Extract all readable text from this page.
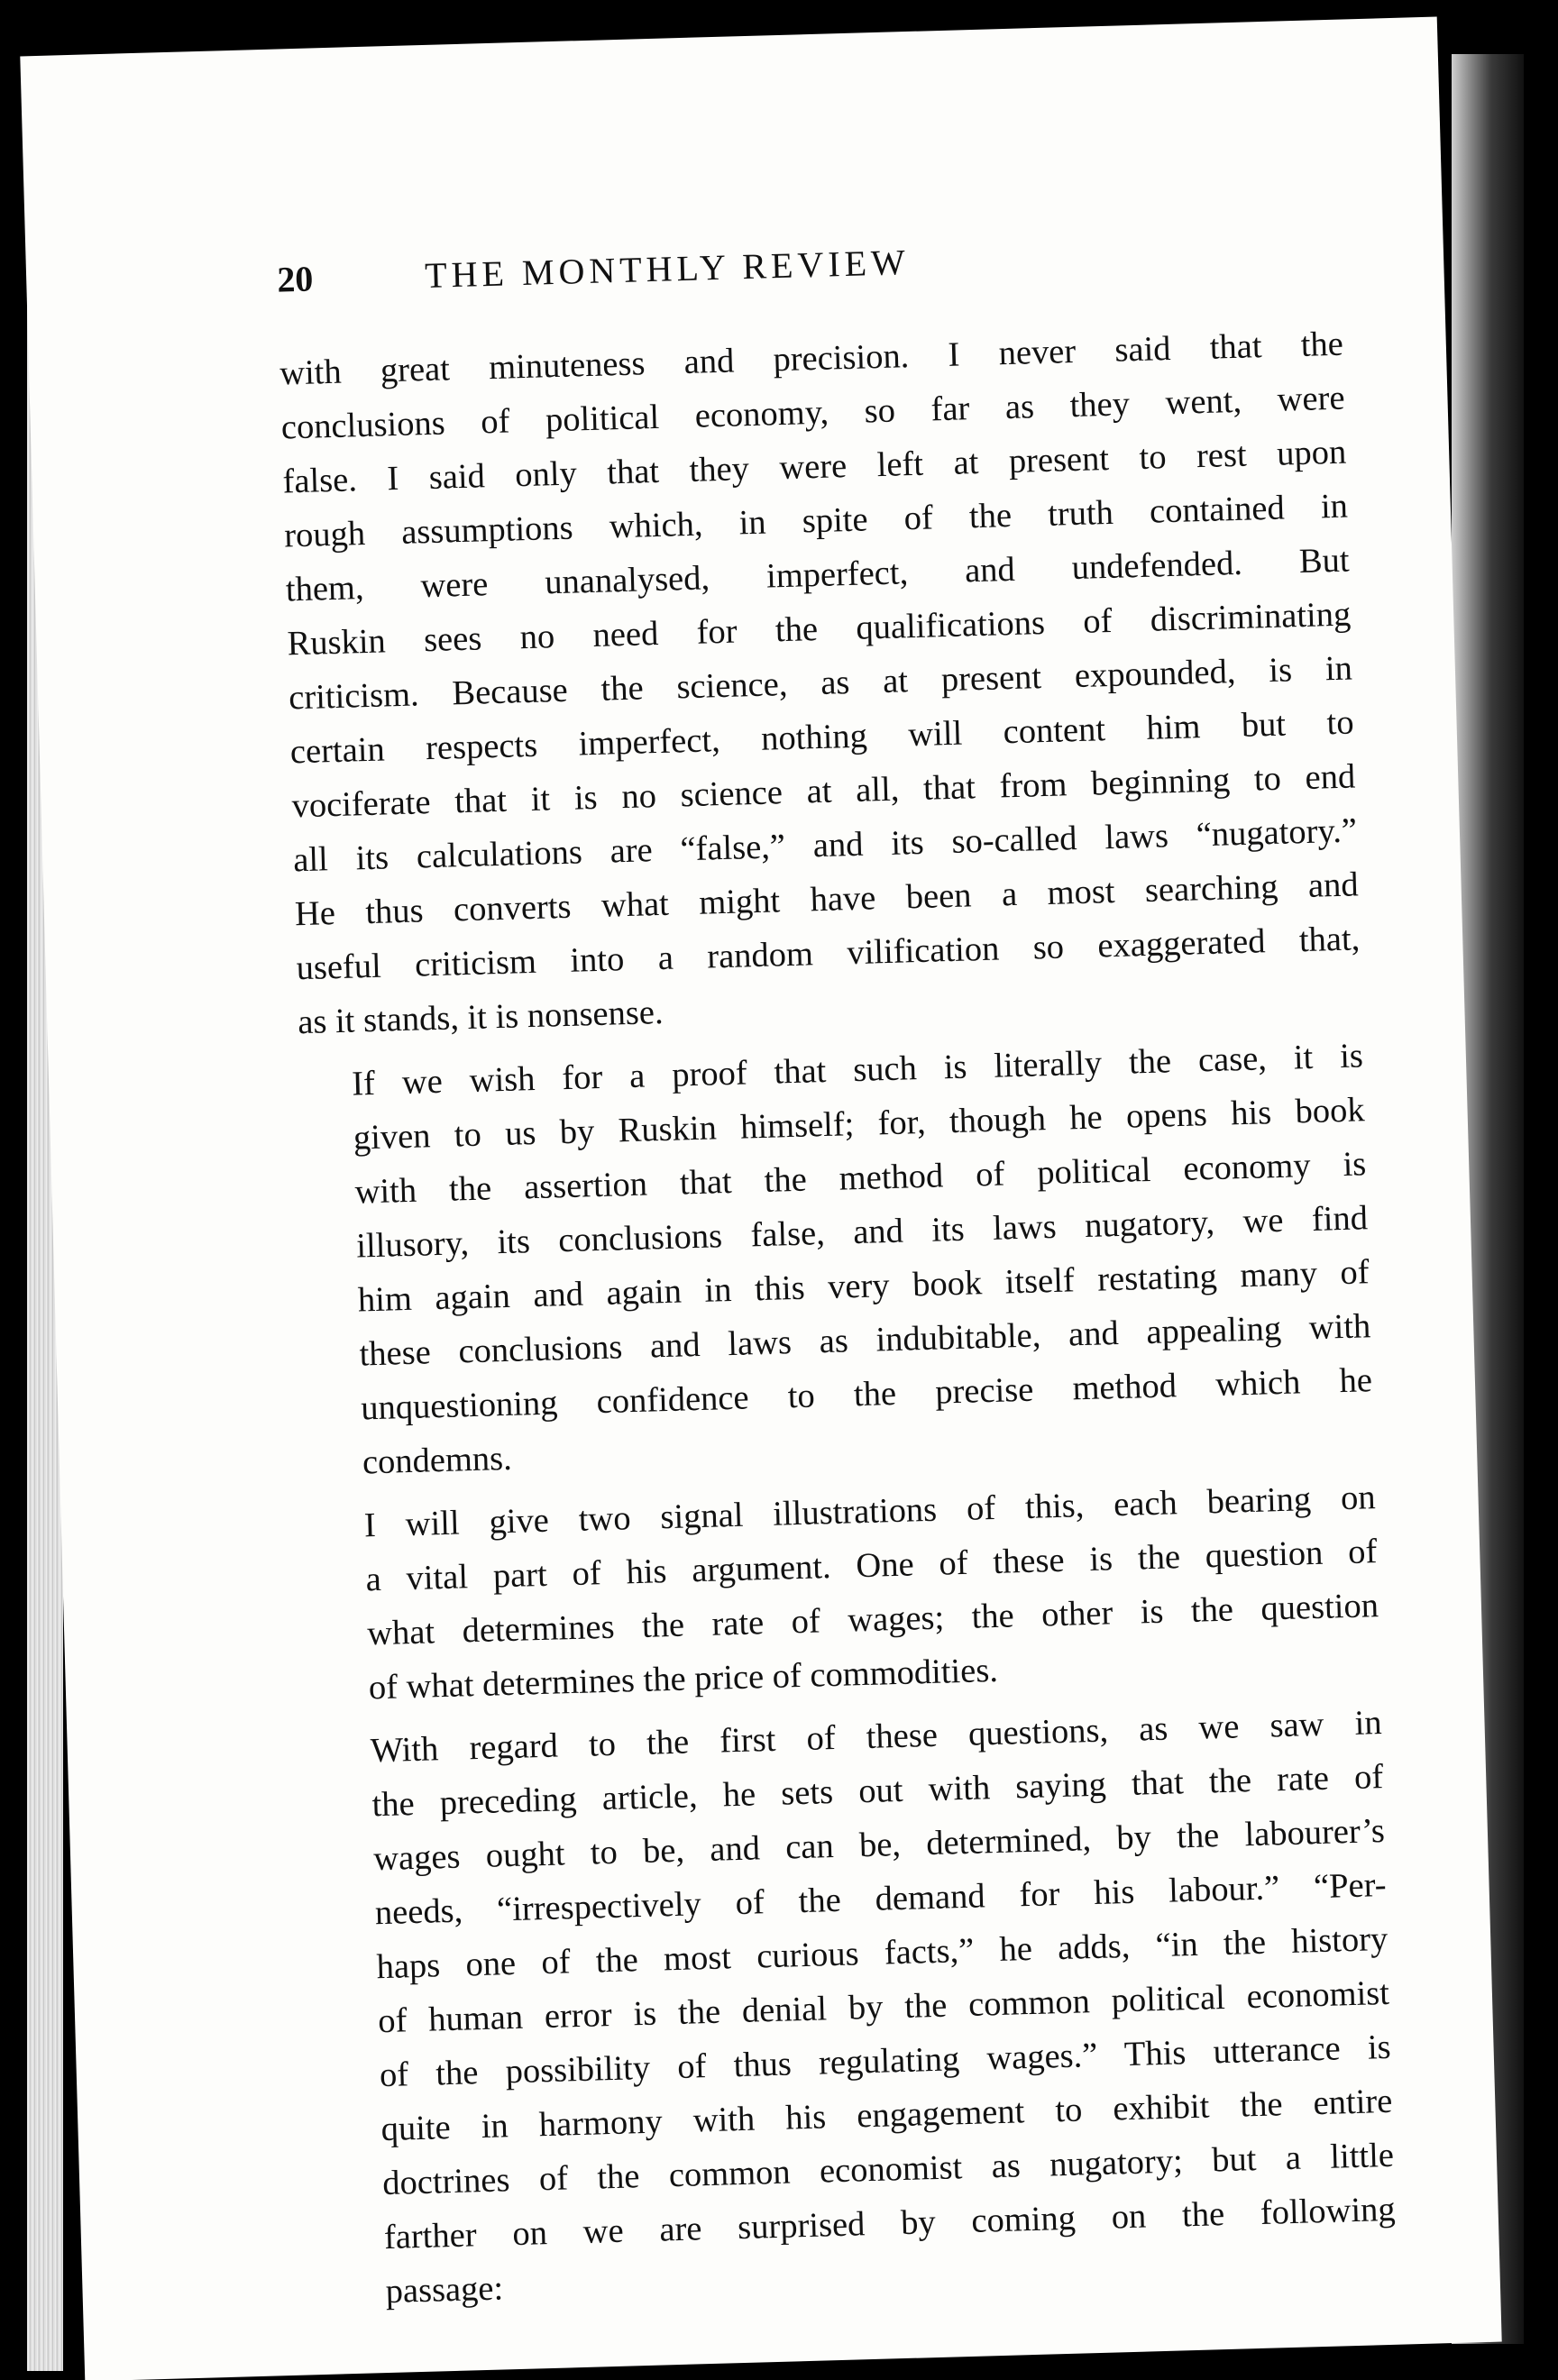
20	THE MONTHLY REVIEW

with great minuteness and precision. I never said that the
conclusions of political economy, so far as they went, were
false. I said only that they were left at present to rest upon
rough assumptions which, in spite of the truth contained in
them, were unanalysed, imperfect, and undefended. But
Ruskin sees no need for the qualifications of discriminating
criticism. Because the science, as at present expounded, is in
certain respects imperfect, nothing will content him but to
vociferate that it is no science at all, that from beginning to end
all its calculations are “false,” and its so-called laws “nugatory.”
He thus converts what might have been a most searching and
useful criticism into a random vilification so exaggerated that,
as it stands, it is nonsense.

If we wish for a proof that such is literally the case, it is
given to us by Ruskin himself; for, though he opens his book
with the assertion that the method of political economy is
illusory, its conclusions false, and its laws nugatory, we find
him again and again in this very book itself restating many of
these conclusions and laws as indubitable, and appealing with
unquestioning confidence to the precise method which he
condemns.

I will give two signal illustrations of this, each bearing on
a vital part of his argument. One of these is the question of
what determines the rate of wages; the other is the question
of what determines the price of commodities.

With regard to the first of these questions, as we saw in
the preceding article, he sets out with saying that the rate of
wages ought to be, and can be, determined, by the labourer’s
needs, “irrespectively of the demand for his labour.” “Per-
haps one of the most curious facts,” he adds, “in the history
of human error is the denial by the common political economist
of the possibility of thus regulating wages.” This utterance is
quite in harmony with his engagement to exhibit the entire
doctrines of the common economist as nugatory; but a little
farther on we are surprised by coming on the following
passage:
